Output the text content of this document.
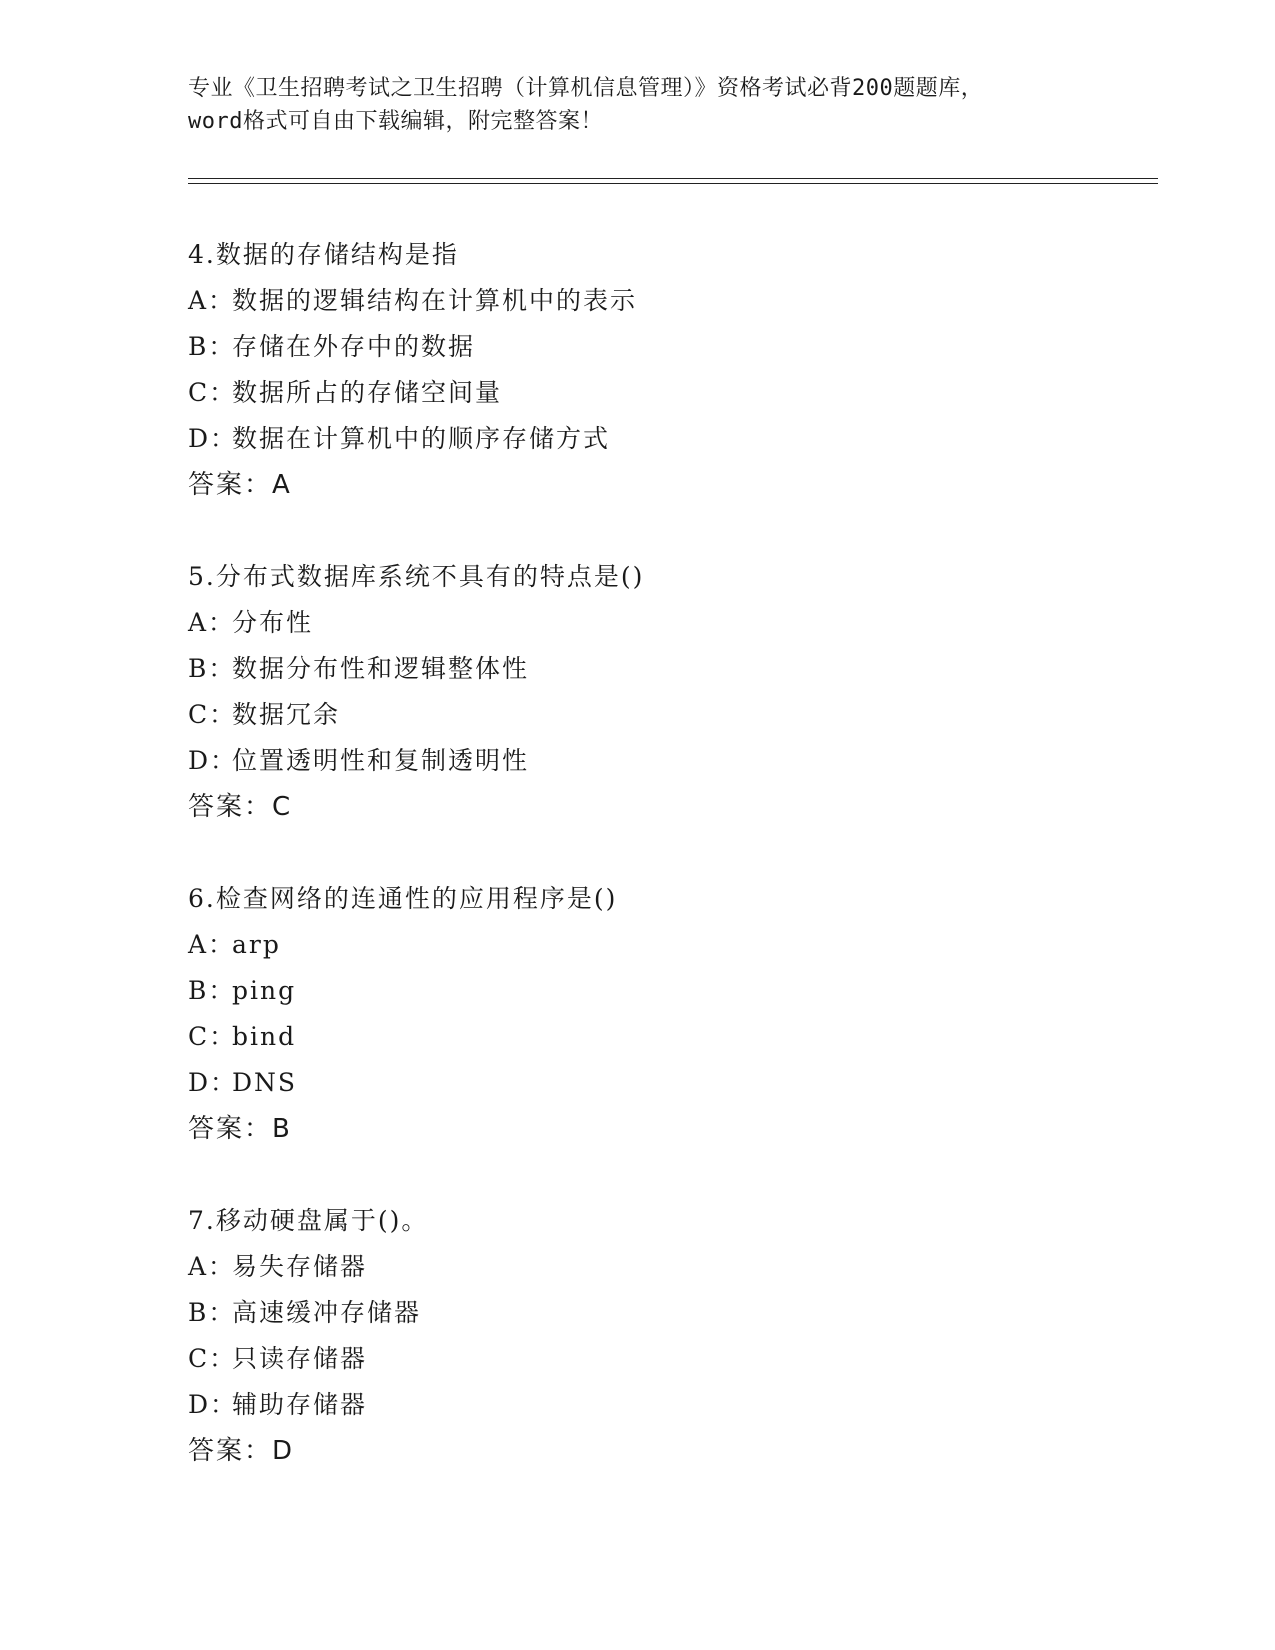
专业《卫生招聘考试之卫生招聘（计算机信息管理）》资格考试必背200题题库，
word格式可自由下载编辑，附完整答案！
4.数据的存储结构是指
A：数据的逻辑结构在计算机中的表示
B：存储在外存中的数据
C：数据所占的存储空间量
D：数据在计算机中的顺序存储方式
答案：A
5.分布式数据库系统不具有的特点是()
A：分布性
B：数据分布性和逻辑整体性
C：数据冗余
D：位置透明性和复制透明性
答案：C
6.检查网络的连通性的应用程序是()
A：arp
B：ping
C：bind
D：DNS
答案：B
7.移动硬盘属于()。
A：易失存储器
B：高速缓冲存储器
C：只读存储器
D：辅助存储器
答案：D
